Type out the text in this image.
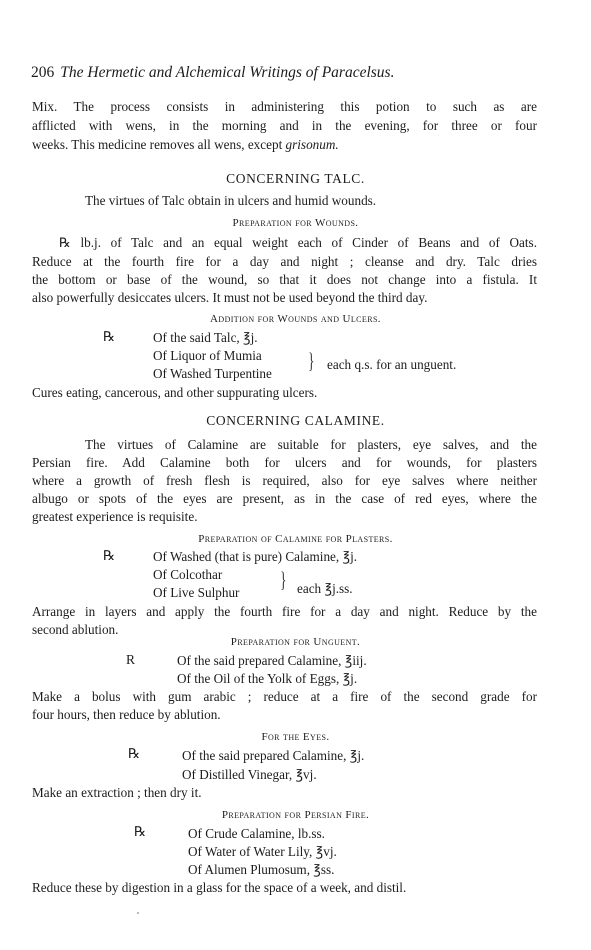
206 The Hermetic and Alchemical Writings of Paracelsus.
Mix. The process consists in administering this potion to such as are
afflicted with wens, in the morning and in the evening, for three or four
weeks. This medicine removes all wens, except grisonum.
CONCERNING TALC.
The virtues of Talc obtain in ulcers and humid wounds.
Preparation for Wounds.
℞ lb.j. of Talc and an equal weight each of Cinder of Beans and of Oats.
Reduce at the fourth fire for a day and night ; cleanse and dry. Talc dries
the bottom or base of the wound, so that it does not change into a fistula. It
also powerfully desiccates ulcers. It must not be used beyond the third day.
Addition for Wounds and Ulcers.
℞	Of the said Talc, ℥j.
Of Liquor of Mumia
Of Washed Turpentine
} each q.s. for an unguent.
Cures eating, cancerous, and other suppurating ulcers.
CONCERNING CALAMINE.
The virtues of Calamine are suitable for plasters, eye salves, and the
Persian fire. Add Calamine both for ulcers and for wounds, for plasters
where a growth of fresh flesh is required, also for eye salves where neither
albugo or spots of the eyes are present, as in the case of red eyes, where the
greatest experience is requisite.
Preparation of Calamine for Plasters.
℞	Of Washed (that is pure) Calamine, ℥j.
Of Colcothar
Of Live Sulphur
} each ℥j.ss.
Arrange in layers and apply the fourth fire for a day and night. Reduce by the
second ablution.
Preparation for Unguent.
R	Of the said prepared Calamine, ℥iij.
Of the Oil of the Yolk of Eggs, ℥j.
Make a bolus with gum arabic ; reduce at a fire of the second grade for
four hours, then reduce by ablution.
For the Eyes.
℞	Of the said prepared Calamine, ℥j.
Of Distilled Vinegar, ℥vj.
Make an extraction ; then dry it.
Preparation for Persian Fire.
℞	Of Crude Calamine, lb.ss.
Of Water of Water Lily, ℥vj.
Of Alumen Plumosum, ℥ss.
Reduce these by digestion in a glass for the space of a week, and distil.
